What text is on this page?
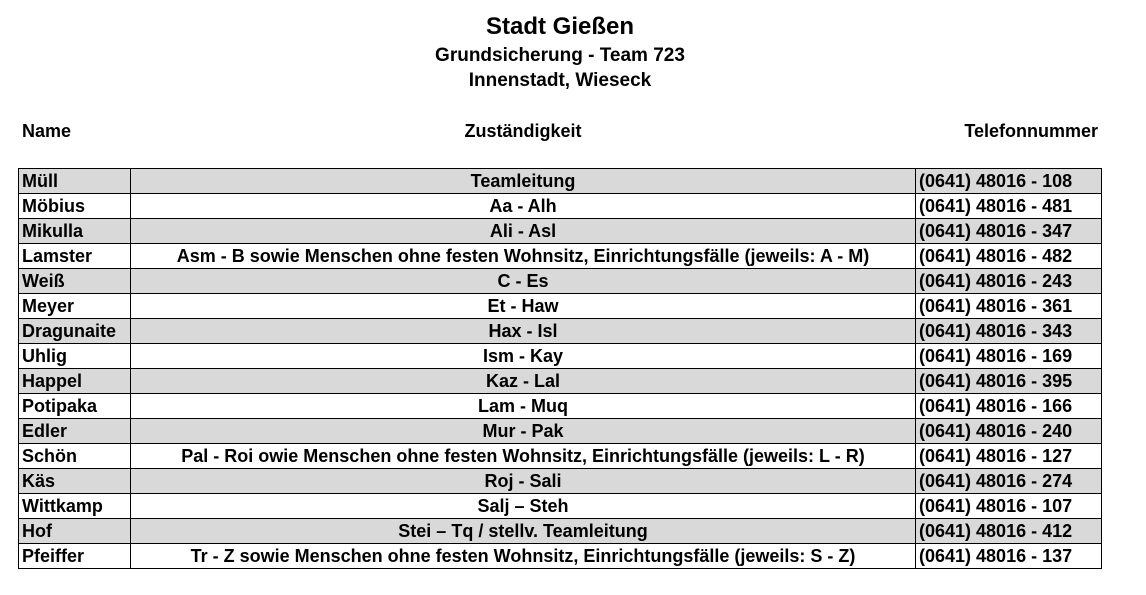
Stadt Gießen
Grundsicherung - Team 723
Innenstadt, Wieseck
Name	Zuständigkeit	Telefonnummer
Müll	Teamleitung	(0641) 48016 - 108
Möbius	Aa - Alh	(0641) 48016 - 481
Mikulla	Ali - Asl	(0641) 48016 - 347
Lamster	Asm - B sowie Menschen ohne festen Wohnsitz, Einrichtungsfälle (jeweils: A - M)	(0641) 48016 - 482
Weiß	C - Es	(0641) 48016 - 243
Meyer	Et - Haw	(0641) 48016 - 361
Dragunaite	Hax - Isl	(0641) 48016 - 343
Uhlig	Ism - Kay	(0641) 48016 - 169
Happel	Kaz - Lal	(0641) 48016 - 395
Potipaka	Lam - Muq	(0641) 48016 - 166
Edler	Mur - Pak	(0641) 48016 - 240
Schön	Pal - Roi owie Menschen ohne festen Wohnsitz, Einrichtungsfälle (jeweils: L - R)	(0641) 48016 - 127
Käs	Roj - Sali	(0641) 48016 - 274
Wittkamp	Salj – Steh	(0641) 48016 - 107
Hof	Stei – Tq / stellv. Teamleitung	(0641) 48016 - 412
Pfeiffer	Tr - Z sowie Menschen ohne festen Wohnsitz, Einrichtungsfälle (jeweils: S - Z)	(0641) 48016 - 137
